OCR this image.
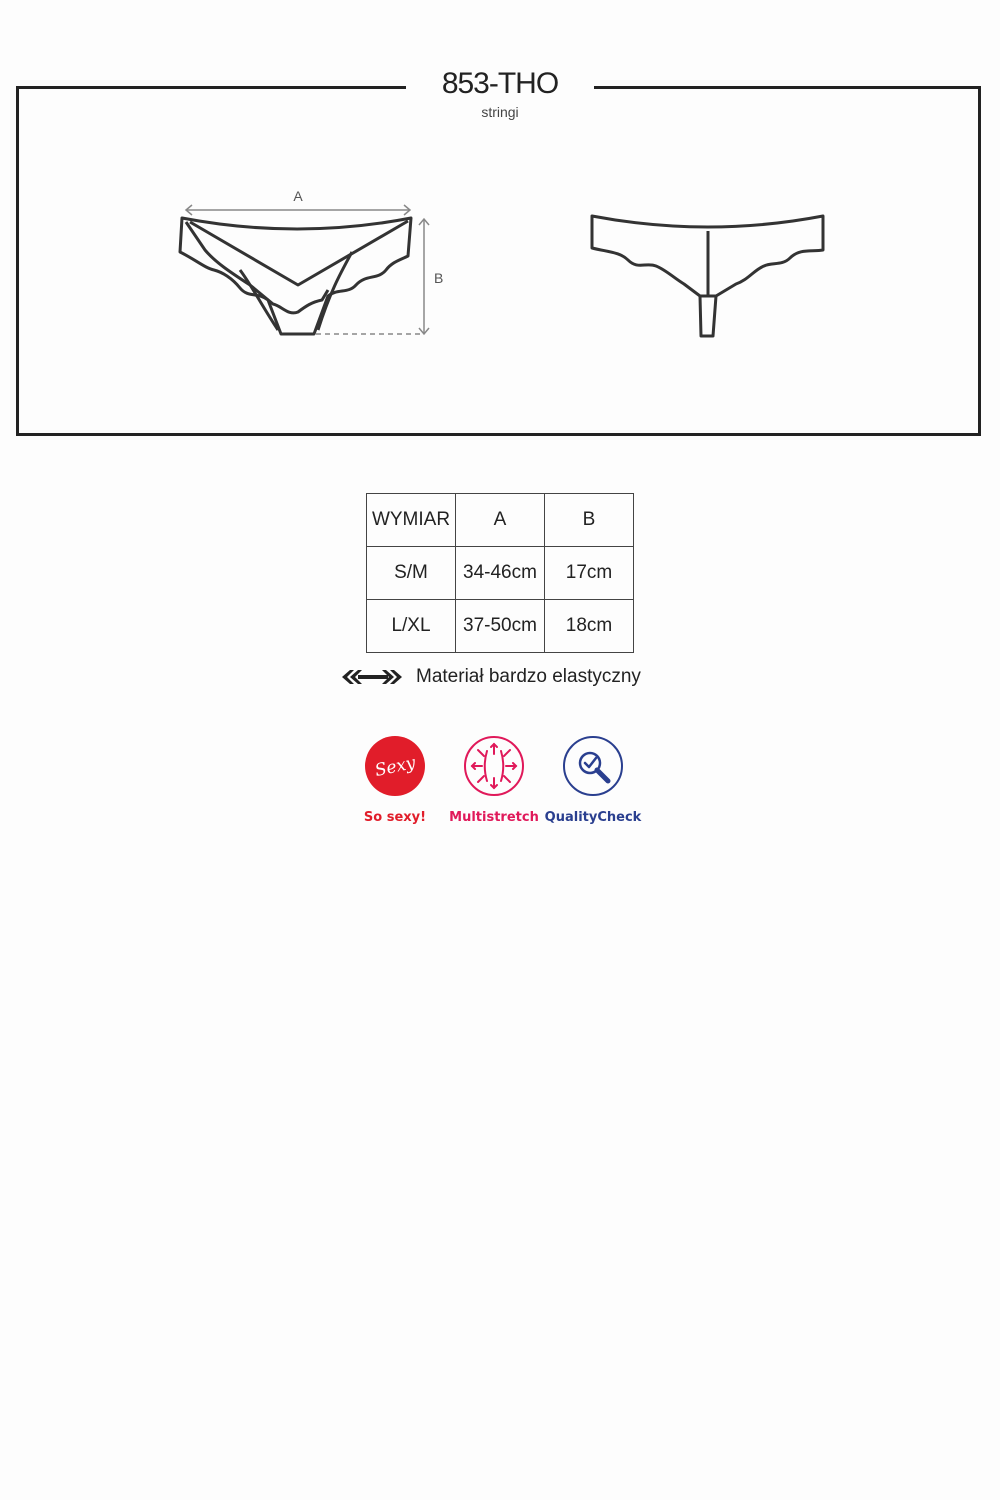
853-THO
stringi
A
B
WYMIAR	A	B
S/M	34-46cm	17cm
L/XL	37-50cm	18cm
Materiał bardzo elastyczny
Sexy
So sexy!	Multistretch QualityCheck
